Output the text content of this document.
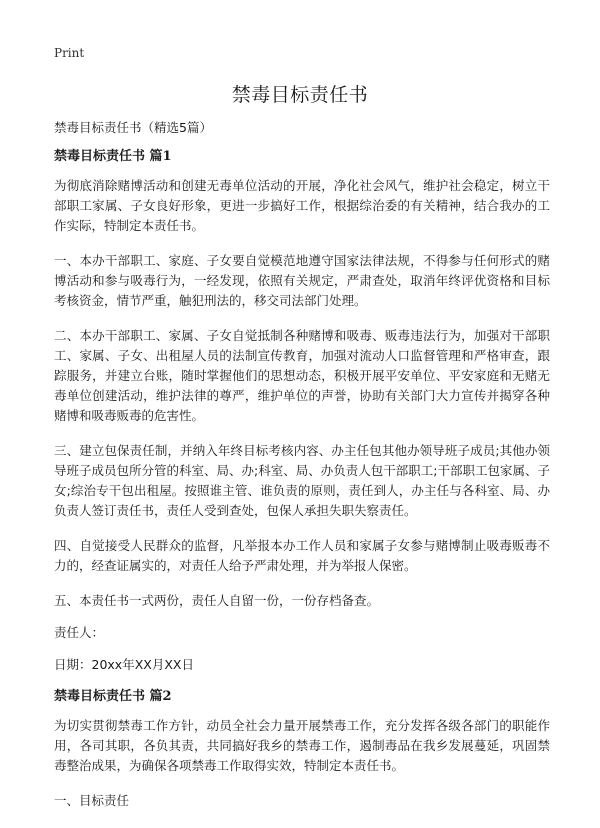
Print
禁毒目标责任书
禁毒目标责任书（精选5篇）
禁毒目标责任书 篇1
为彻底消除赌博活动和创建无毒单位活动的开展，净化社会风气，维护社会稳定，树立干部职工家属、子女良好形象，更进一步搞好工作，根据综治委的有关精神，结合我办的工作实际，特制定本责任书。
一、本办干部职工、家庭、子女要自觉模范地遵守国家法律法规，不得参与任何形式的赌博活动和参与吸毒行为，一经发现，依照有关规定，严肃查处，取消年终评优资格和目标考核资金，情节严重，触犯刑法的，移交司法部门处理。
二、本办干部职工、家属、子女自觉抵制各种赌博和吸毒、贩毒违法行为，加强对干部职工、家属、子女、出租屋人员的法制宣传教育，加强对流动人口监督管理和严格审查，跟踪服务，并建立台账，随时掌握他们的思想动态，积极开展平安单位、平安家庭和无赌无毒单位创建活动，维护法律的尊严，维护单位的声誉，协助有关部门大力宣传并揭穿各种赌博和吸毒贩毒的危害性。
三、建立包保责任制，并纳入年终目标考核内容、办主任包其他办领导班子成员;其他办领导班子成员包所分管的科室、局、办;科室、局、办负责人包干部职工;干部职工包家属、子女;综治专干包出租屋。按照谁主管、谁负责的原则，责任到人，办主任与各科室、局、办负责人签订责任书，责任人受到查处，包保人承担失职失察责任。
四、自觉接受人民群众的监督，凡举报本办工作人员和家属子女参与赌博制止吸毒贩毒不力的，经查证属实的，对责任人给予严肃处理，并为举报人保密。
五、本责任书一式两份，责任人自留一份，一份存档备查。
责任人：
日期：20xx年XX月XX日
禁毒目标责任书 篇2
为切实贯彻禁毒工作方针，动员全社会力量开展禁毒工作，充分发挥各级各部门的职能作用，各司其职，各负其责，共同搞好我乡的禁毒工作，遏制毒品在我乡发展蔓延，巩固禁毒整治成果，为确保各项禁毒工作取得实效，特制定本责任书。
一、目标责任
